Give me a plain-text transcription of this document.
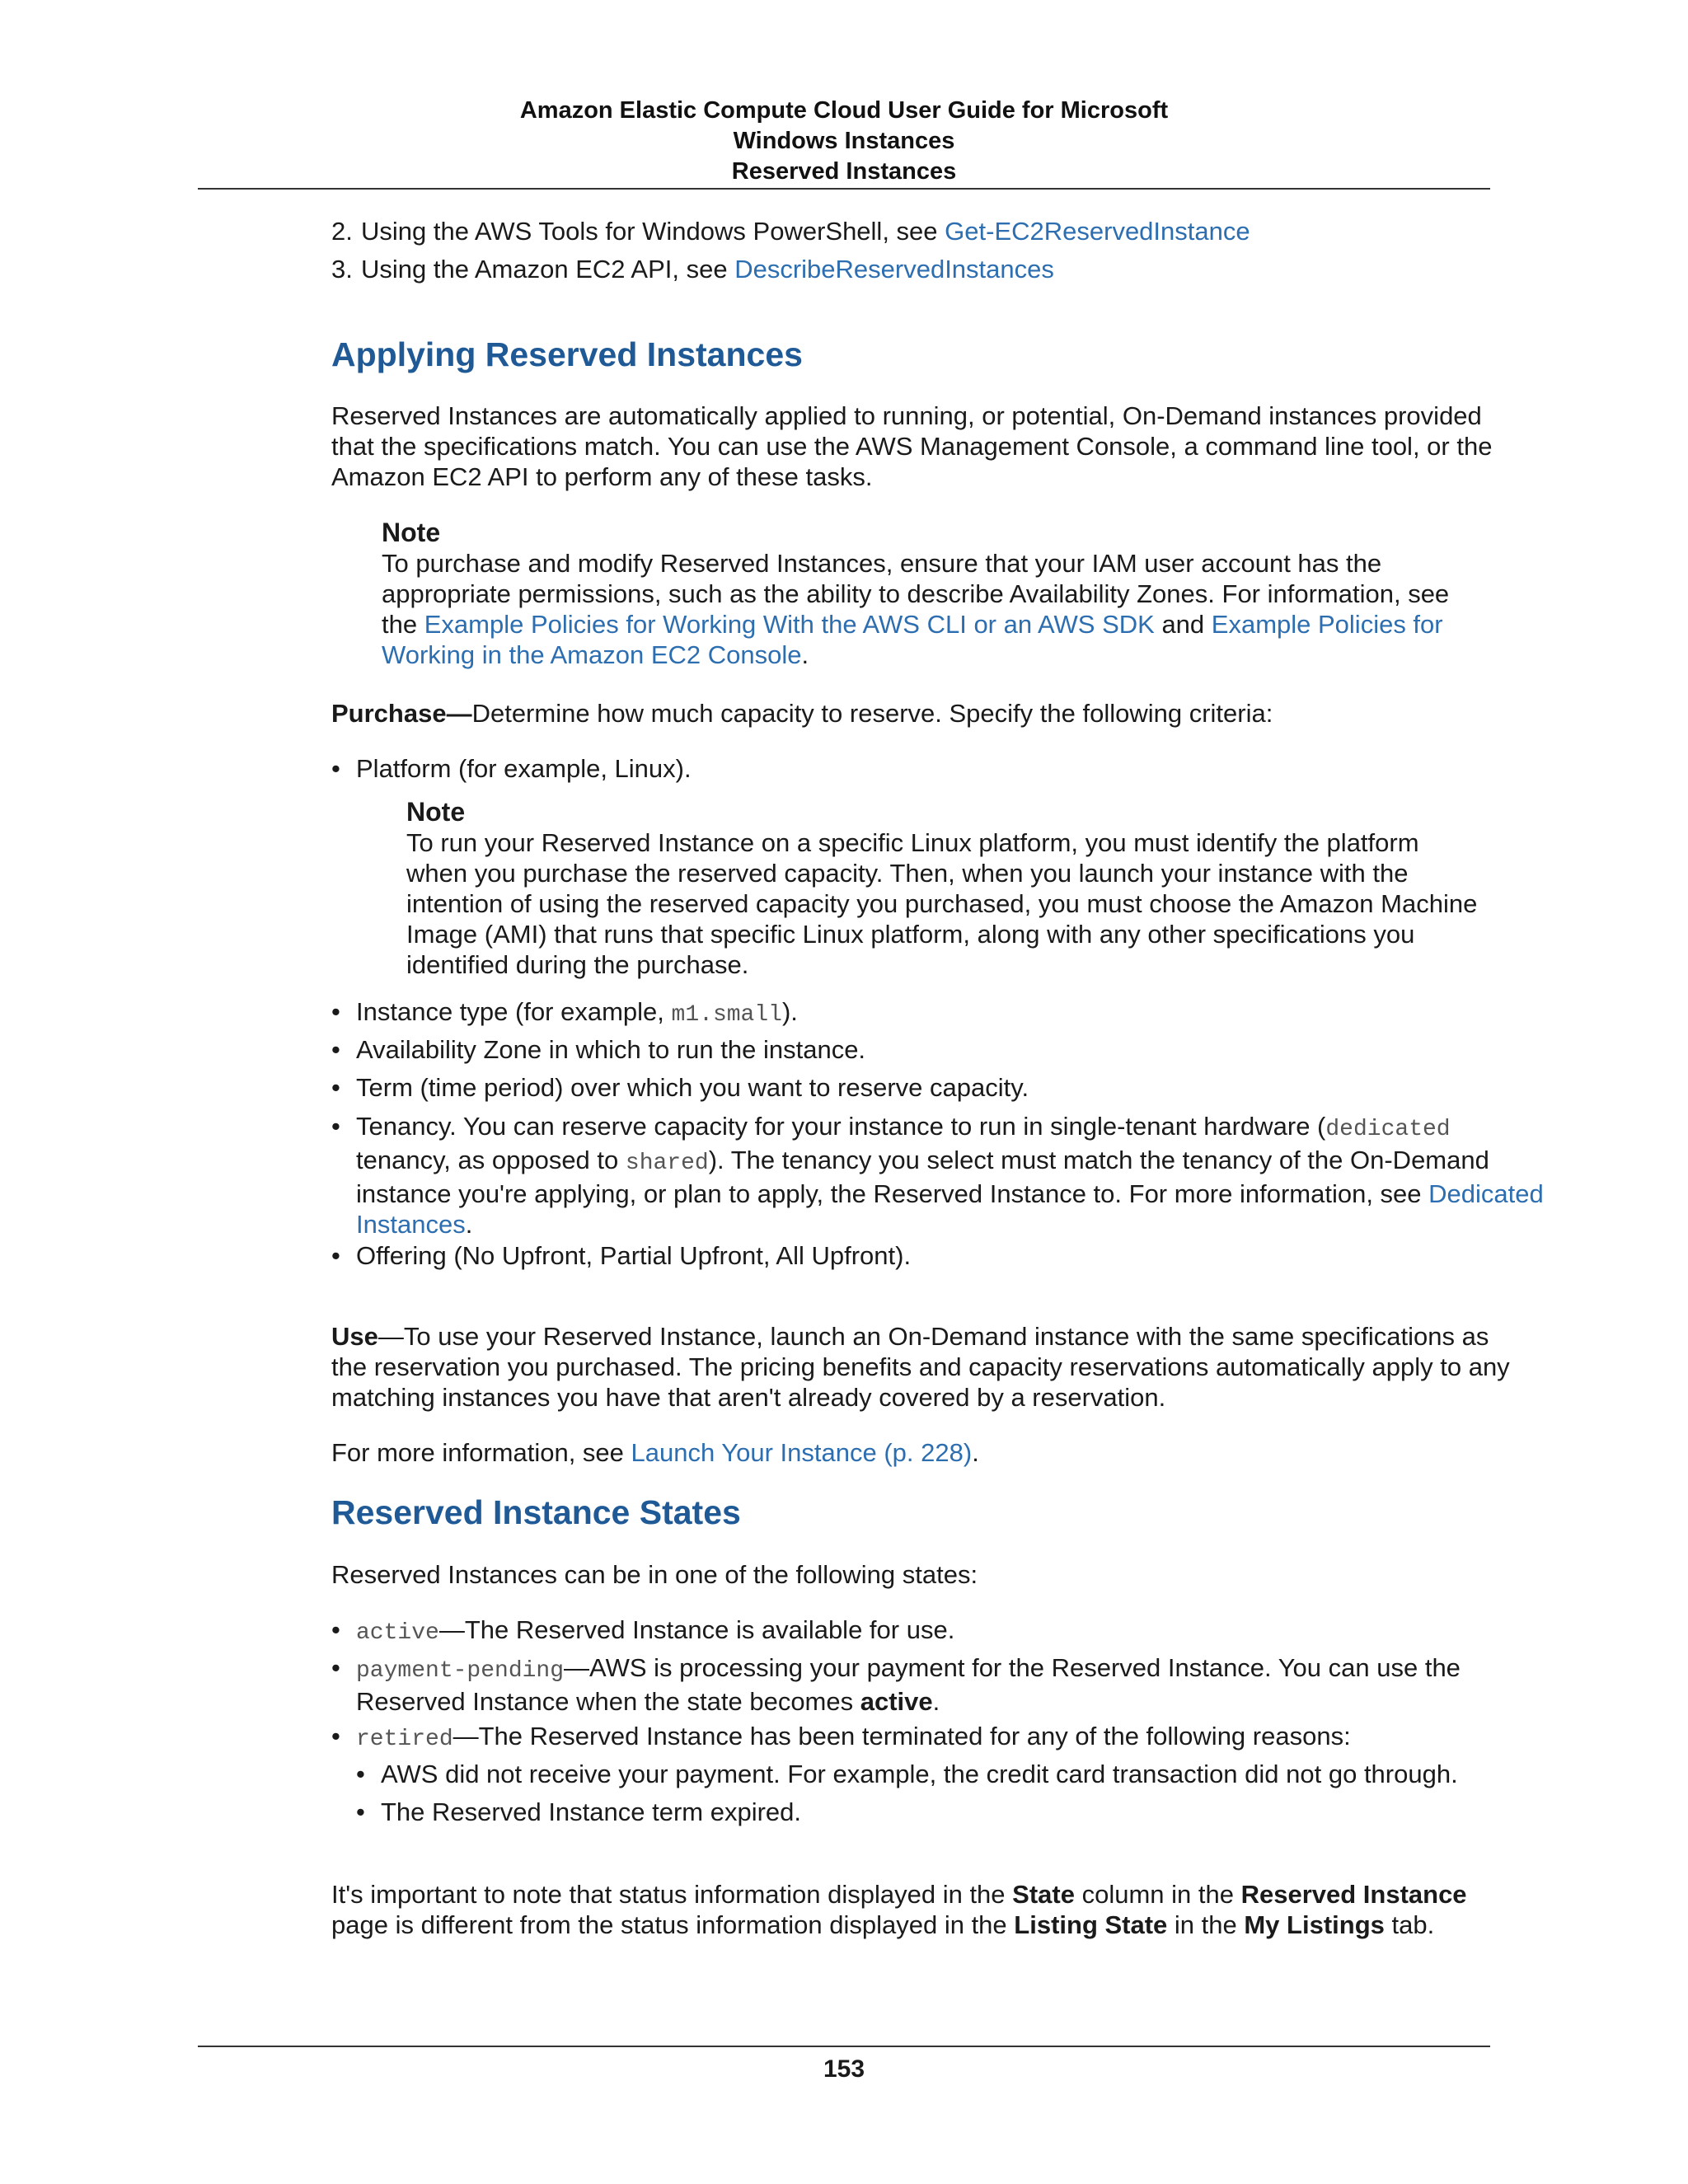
Amazon Elastic Compute Cloud User Guide for Microsoft
Windows Instances
Reserved Instances
2. Using the AWS Tools for Windows PowerShell, see Get-EC2ReservedInstance
3. Using the Amazon EC2 API, see DescribeReservedInstances
Applying Reserved Instances
Reserved Instances are automatically applied to running, or potential, On-Demand instances provided
that the specifications match. You can use the AWS Management Console, a command line tool, or the
Amazon EC2 API to perform any of these tasks.
Note
To purchase and modify Reserved Instances, ensure that your IAM user account has the
appropriate permissions, such as the ability to describe Availability Zones. For information, see
the Example Policies for Working With the AWS CLI or an AWS SDK and Example Policies for
Working in the Amazon EC2 Console.
Purchase—Determine how much capacity to reserve. Specify the following criteria:
• Platform (for example, Linux).
Note
To run your Reserved Instance on a specific Linux platform, you must identify the platform
when you purchase the reserved capacity. Then, when you launch your instance with the
intention of using the reserved capacity you purchased, you must choose the Amazon Machine
Image (AMI) that runs that specific Linux platform, along with any other specifications you
identified during the purchase.
• Instance type (for example, m1.small).
• Availability Zone in which to run the instance.
• Term (time period) over which you want to reserve capacity.
• Tenancy. You can reserve capacity for your instance to run in single-tenant hardware (dedicated
tenancy, as opposed to shared). The tenancy you select must match the tenancy of the On-Demand
instance you're applying, or plan to apply, the Reserved Instance to. For more information, see Dedicated
Instances.
• Offering (No Upfront, Partial Upfront, All Upfront).
Use—To use your Reserved Instance, launch an On-Demand instance with the same specifications as
the reservation you purchased. The pricing benefits and capacity reservations automatically apply to any
matching instances you have that aren't already covered by a reservation.
For more information, see Launch Your Instance (p. 228).
Reserved Instance States
Reserved Instances can be in one of the following states:
• active—The Reserved Instance is available for use.
• payment-pending—AWS is processing your payment for the Reserved Instance. You can use the
Reserved Instance when the state becomes active.
• retired—The Reserved Instance has been terminated for any of the following reasons:
• AWS did not receive your payment. For example, the credit card transaction did not go through.
• The Reserved Instance term expired.
It's important to note that status information displayed in the State column in the Reserved Instance
page is different from the status information displayed in the Listing State in the My Listings tab.
153
